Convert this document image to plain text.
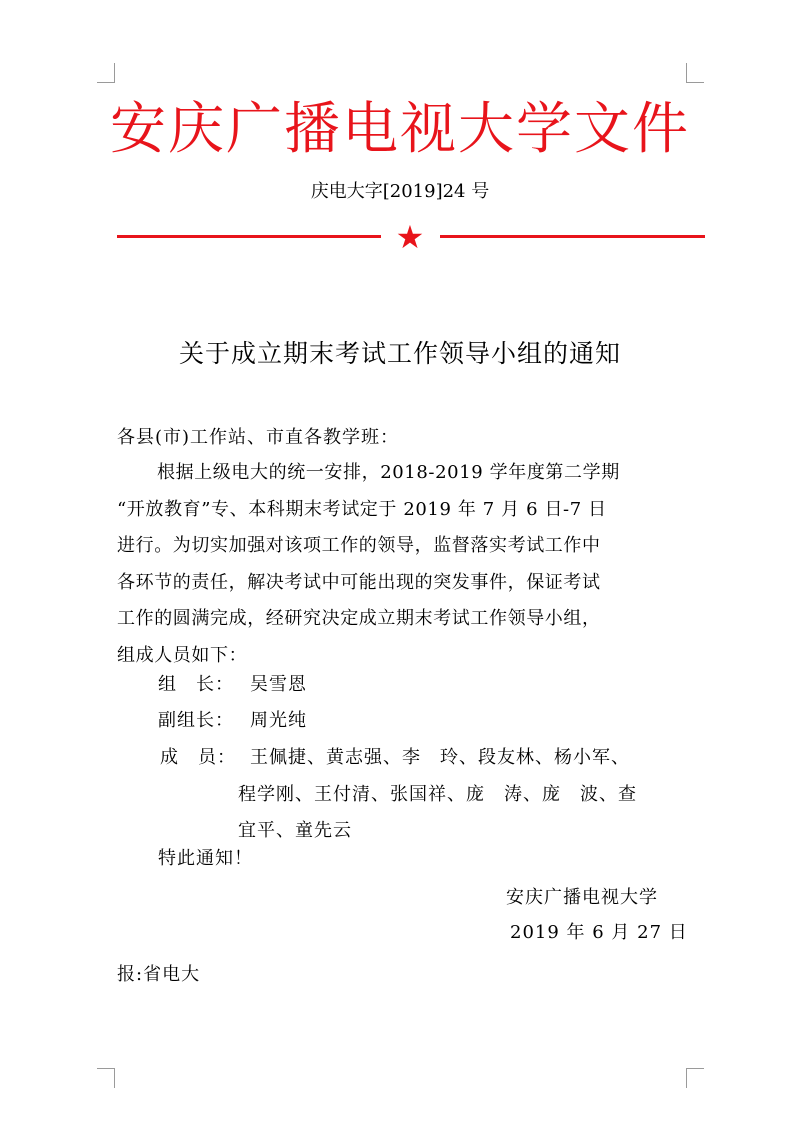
安庆广播电视大学文件
庆电大字[2019]24 号
★
关于成立期末考试工作领导小组的通知
各县(市)工作站、市直各教学班：
根据上级电大的统一安排，2018-2019 学年度第二学期
“开放教育”专、本科期末考试定于 2019 年 7 月 6 日-7 日
进行。为切实加强对该项工作的领导，监督落实考试工作中
各环节的责任，解决考试中可能出现的突发事件，保证考试
工作的圆满完成，经研究决定成立期末考试工作领导小组，
组成人员如下：
组　长： 吴雪恩
副组长： 周光纯
成　员： 王佩捷、黄志强、李　玲、段友林、杨小军、
程学刚、王付清、张国祥、庞　涛、庞　波、查
宜平、童先云
特此通知！
安庆广播电视大学
2019 年 6 月 27 日
报:省电大
